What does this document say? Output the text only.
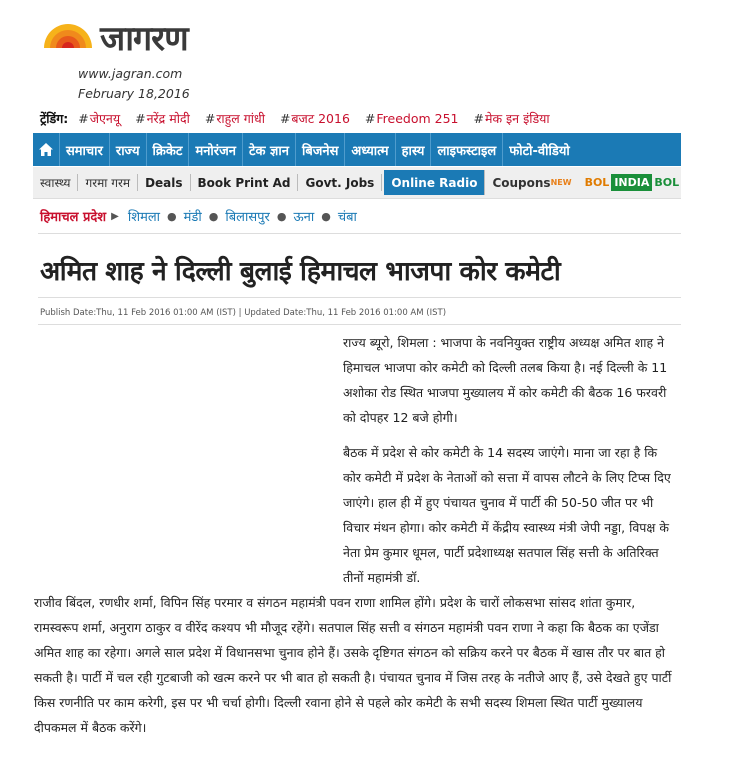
जागरण
www.jagran.com
February 18,2016
ट्रेंडिंग: #जेएनयू #नरेंद्र मोदी #राहुल गांधी #बजट 2016 #Freedom 251 #मेक इन इंडिया
समाचार	राज्य	क्रिकेट	मनोरंजन	टेक ज्ञान	बिजनेस	अध्यात्म	हास्य	लाइफस्टाइल	फोटो-वीडियो
स्वास्थ्य	गरमा गरम	Deals	Book Print Ad	Govt. Jobs	Online Radio	Coupons NEW BOL INDIA BOL
हिमाचल प्रदेश ▶ शिमला ● मंडी ● बिलासपुर ● ऊना ● चंबा
अमित शाह ने दिल्ली बुलाई हिमाचल भाजपा कोर कमेटी
Publish Date:Thu, 11 Feb 2016 01:00 AM (IST) | Updated Date:Thu, 11 Feb 2016 01:00 AM (IST)

राज्य ब्यूरो, शिमला : भाजपा के नवनियुक्त राष्ट्रीय अध्यक्ष अमित शाह ने हिमाचल भाजपा कोर कमेटी को दिल्ली तलब किया है। नई दिल्ली के 11 अशोका रोड स्थित भाजपा मुख्यालय में कोर कमेटी की बैठक 16 फरवरी को दोपहर 12 बजे होगी।

बैठक में प्रदेश से कोर कमेटी के 14 सदस्य जाएंगे। माना जा रहा है कि कोर कमेटी में प्रदेश के नेताओं को सत्ता में वापस लौटने के लिए टिप्स दिए जाएंगे। हाल ही में हुए पंचायत चुनाव में पार्टी की 50-50 जीत पर भी विचार मंथन होगा। कोर कमेटी में केंद्रीय स्वास्थ्य मंत्री जेपी नड्डा, विपक्ष के नेता प्रेम कुमार धूमल, पार्टी प्रदेशाध्यक्ष सतपाल सिंह सत्ती के अतिरिक्त तीनों महामंत्री डॉ.

राजीव बिंदल, रणधीर शर्मा, विपिन सिंह परमार व संगठन महामंत्री पवन राणा शामिल होंगे। प्रदेश के चारों लोकसभा सांसद शांता कुमार, रामस्वरूप शर्मा, अनुराग ठाकुर व वीरेंद कश्यप भी मौजूद रहेंगे। सतपाल सिंह सत्ती व संगठन महामंत्री पवन राणा ने कहा कि बैठक का एजेंडा अमित शाह का रहेगा। अगले साल प्रदेश में विधानसभा चुनाव होने हैं। उसके दृष्टिगत संगठन को सक्रिय करने पर बैठक में खास तौर पर बात हो सकती है। पार्टी में चल रही गुटबाजी को खत्म करने पर भी बात हो सकती है। पंचायत चुनाव में जिस तरह के नतीजे आए हैं, उसे देखते हुए पार्टी किस रणनीति पर काम करेगी, इस पर भी चर्चा होगी। दिल्ली रवाना होने से पहले कोर कमेटी के सभी सदस्य शिमला स्थित पार्टी मुख्यालय दीपकमल में बैठक करेंगे।
